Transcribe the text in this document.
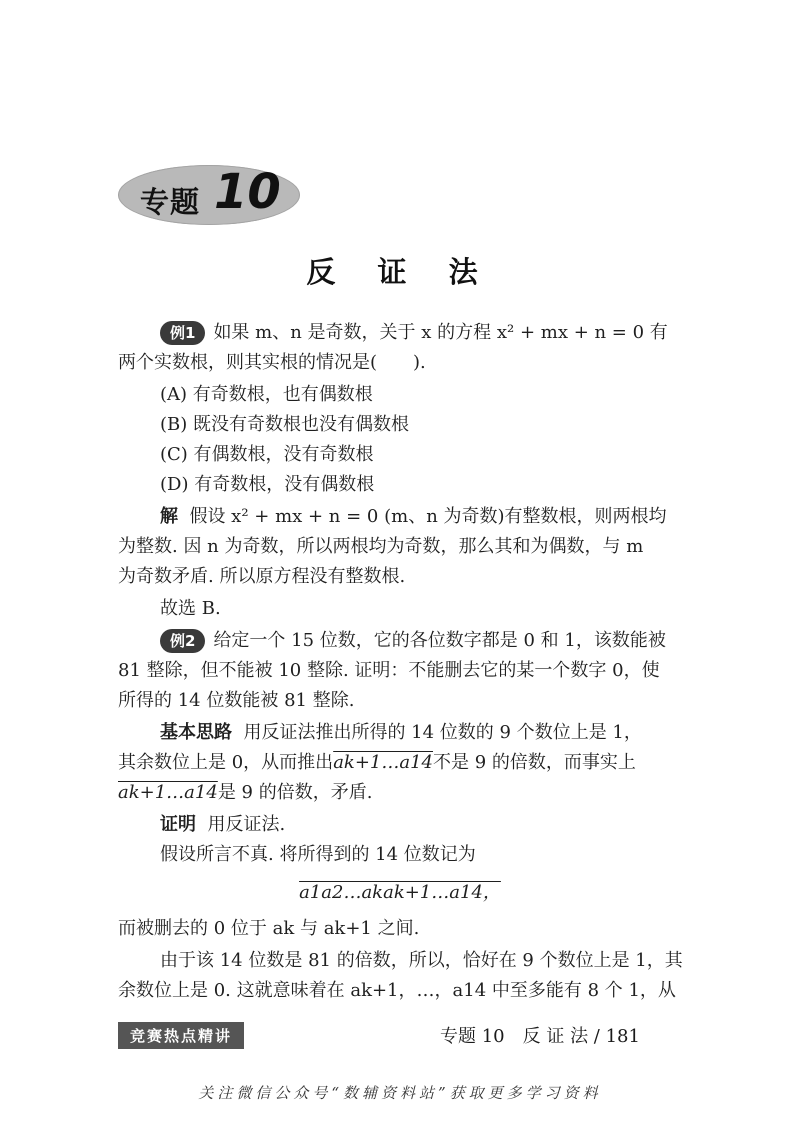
专题 10
反 证 法
例1 如果 m、n 是奇数，关于 x 的方程 x² + mx + n = 0 有
两个实数根，则其实根的情况是(　　).
(A) 有奇数根，也有偶数根
(B) 既没有奇数根也没有偶数根
(C) 有偶数根，没有奇数根
(D) 有奇数根，没有偶数根
解 假设 x² + mx + n = 0 (m、n 为奇数)有整数根，则两根均
为整数. 因 n 为奇数，所以两根均为奇数，那么其和为偶数，与 m
为奇数矛盾. 所以原方程没有整数根.
故选 B.
例2 给定一个 15 位数，它的各位数字都是 0 和 1，该数能被
81 整除，但不能被 10 整除. 证明：不能删去它的某一个数字 0，使
所得的 14 位数能被 81 整除.
基本思路 用反证法推出所得的 14 位数的 9 个数位上是 1，
其余数位上是 0，从而推出ak+1…a14不是 9 的倍数，而事实上
ak+1…a14是 9 的倍数，矛盾.
证明 用反证法.
假设所言不真. 将所得到的 14 位数记为
a1a2…akak+1…a14，
而被删去的 0 位于 ak 与 ak+1 之间.
由于该 14 位数是 81 的倍数，所以，恰好在 9 个数位上是 1，其
余数位上是 0. 这就意味着在 ak+1，…，a14 中至多能有 8 个 1，从
竞赛热点精讲	专题 10　反 证 法 / 181
关注微信公众号“数辅资料站”获取更多学习资料
